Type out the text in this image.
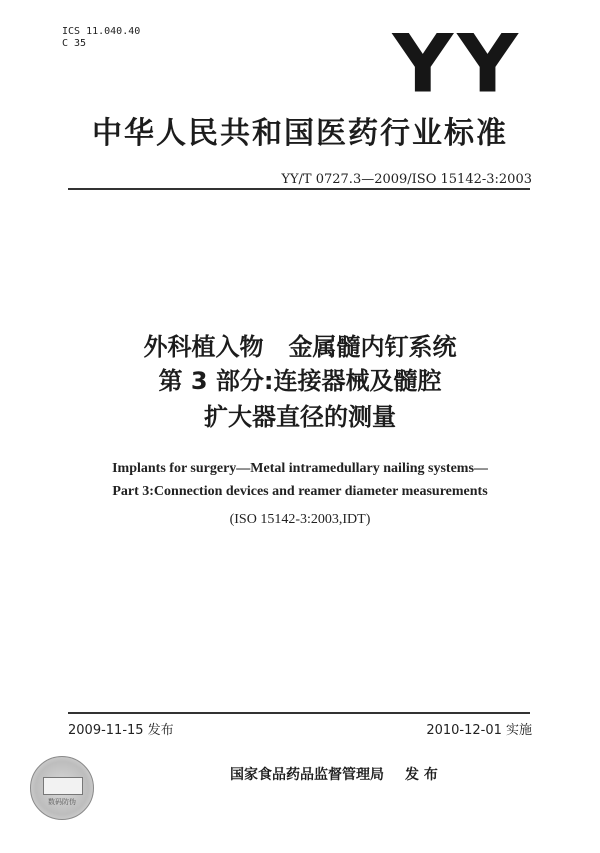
ICS 11.040.40
C 35	YY
中华人民共和国医药行业标准
YY/T 0727.3—2009/ISO 15142-3:2003
外科植入物   金属髓内钉系统
第 3 部分:连接器械及髓腔
扩大器直径的测量
Implants for surgery—Metal intramedullary nailing systems—
Part 3:Connection devices and reamer diameter measurements
(ISO 15142-3:2003,IDT)
2009-11-15 发布	2010-12-01 实施
数码防伪
国家食品药品监督管理局 发 布
